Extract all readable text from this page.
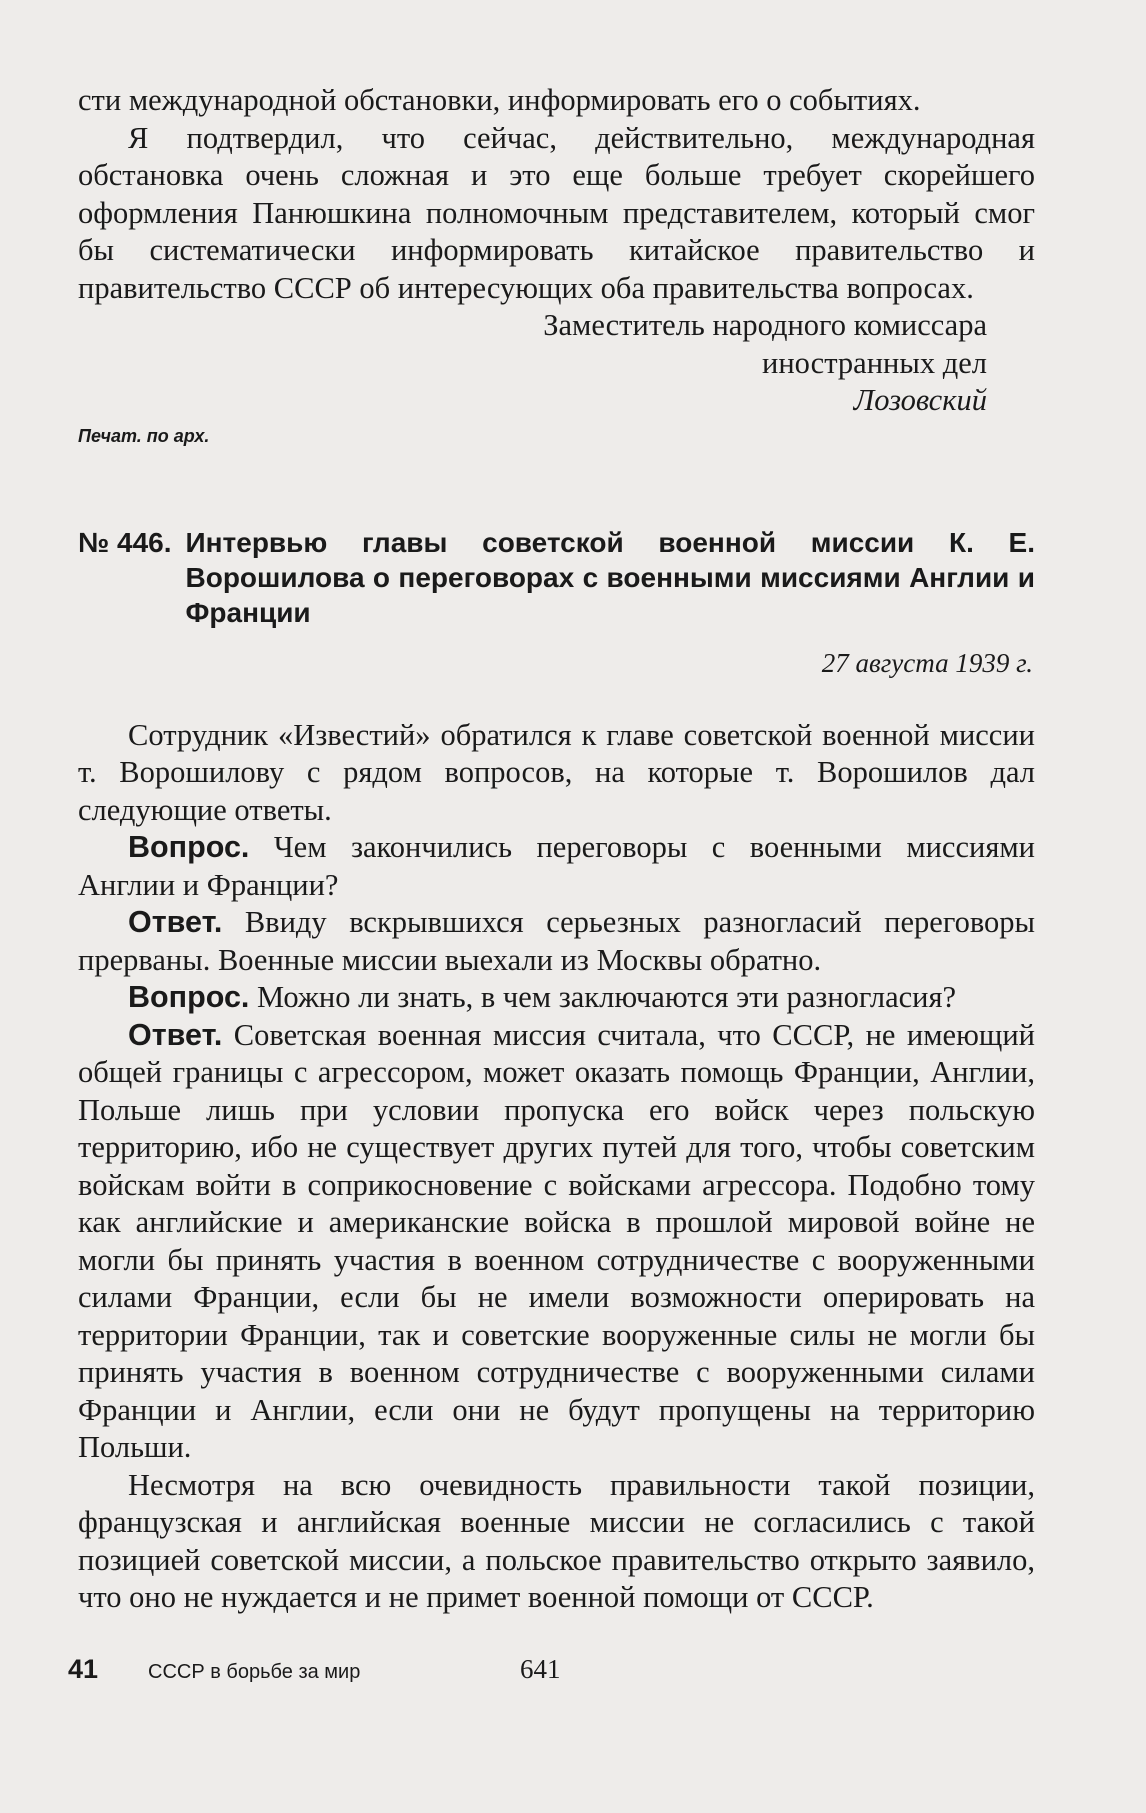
сти международной обстановки, информировать его о событиях.

Я подтвердил, что сейчас, действительно, международная обстановка очень сложная и это еще больше требует скорейшего оформления Панюшкина полномочным представителем, который смог бы систематически информировать китайское правительство и правительство СССР об интересующих оба правительства вопросах.

Заместитель народного комиссара

иностранных дел

Лозовский

Печат. по арх.

№ 446. Интервью главы советской военной миссии К. Е. Ворошилова о переговорах с военными миссиями Англии и Франции

27 августа 1939 г.

Сотрудник «Известий» обратился к главе советской военной миссии т. Ворошилову с рядом вопросов, на которые т. Ворошилов дал следующие ответы.

Вопрос. Чем закончились переговоры с военными миссиями Англии и Франции?

Ответ. Ввиду вскрывшихся серьезных разногласий переговоры прерваны. Военные миссии выехали из Москвы обратно.

Вопрос. Можно ли знать, в чем заключаются эти разногласия?

Ответ. Советская военная миссия считала, что СССР, не имеющий общей границы с агрессором, может оказать помощь Франции, Англии, Польше лишь при условии пропуска его войск через польскую территорию, ибо не существует других путей для того, чтобы советским войскам войти в соприкосновение с войсками агрессора. Подобно тому как английские и американские войска в прошлой мировой войне не могли бы принять участия в военном сотрудничестве с вооруженными силами Франции, если бы не имели возможности оперировать на территории Франции, так и советские вооруженные силы не могли бы принять участия в военном сотрудничестве с вооруженными силами Франции и Англии, если они не будут пропущены на территорию Польши.

Несмотря на всю очевидность правильности такой позиции, французская и английская военные миссии не согласились с такой позицией советской миссии, а польское правительство открыто заявило, что оно не нуждается и не примет военной помощи от СССР.

41	СССР в борьбе за мир	641
